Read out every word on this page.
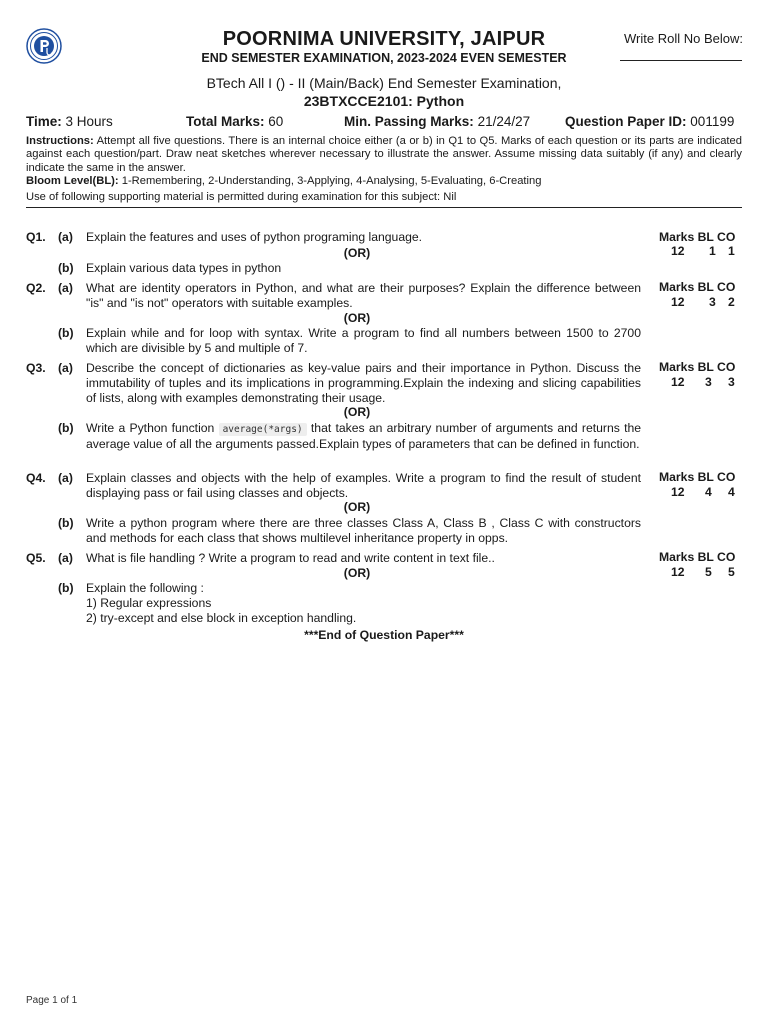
POORNIMA UNIVERSITY, JAIPUR
END SEMESTER EXAMINATION, 2023-2024 EVEN SEMESTER
Write Roll No Below:
BTech All I () - II (Main/Back) End Semester Examination,
23BTXCCE2101: Python
Time: 3 Hours	Total Marks: 60	Min. Passing Marks: 21/24/27	Question Paper ID: 001199
Instructions: Attempt all five questions. There is an internal choice either (a or b) in Q1 to Q5. Marks of each question or its parts are indicated against each question/part. Draw neat sketches wherever necessary to illustrate the answer. Assume missing data suitably (if any) and clearly indicate the same in the answer.
Bloom Level(BL): 1-Remembering, 2-Understanding, 3-Applying, 4-Analysing, 5-Evaluating, 6-Creating
Use of following supporting material is permitted during examination for this subject: Nil
Q1. (a) Explain the features and uses of python programing language.
(OR)
(b) Explain various data types in python
Marks BL CO
12 1 1
Q2. (a) What are identity operators in Python, and what are their purposes? Explain the difference between "is" and "is not" operators with suitable examples.
(OR)
(b) Explain while and for loop with syntax. Write a program to find all numbers between 1500 to 2700 which are divisible by 5 and multiple of 7.
Marks BL CO
12 3 2
Q3. (a) Describe the concept of dictionaries as key-value pairs and their importance in Python. Discuss the immutability of tuples and its implications in programming.Explain the indexing and slicing capabilities of lists, along with examples demonstrating their usage.
(OR)
(b) Write a Python function average(*args) that takes an arbitrary number of arguments and returns the average value of all the arguments passed.Explain types of parameters that can be defined in function.
Marks BL CO
12 3 3
Q4. (a) Explain classes and objects with the help of examples. Write a program to find the result of student displaying pass or fail using classes and objects.
(OR)
(b) Write a python program where there are three classes Class A, Class B , Class C with constructors and methods for each class that shows multilevel inheritance property in opps.
Marks BL CO
12 4 4
Q5. (a) What is file handling ? Write a program to read and write content in text file..
(OR)
(b) Explain the following :
1) Regular expressions
2) try-except and else block in exception handling.
Marks BL CO
12 5 5
***End of Question Paper***
Page 1 of 1
